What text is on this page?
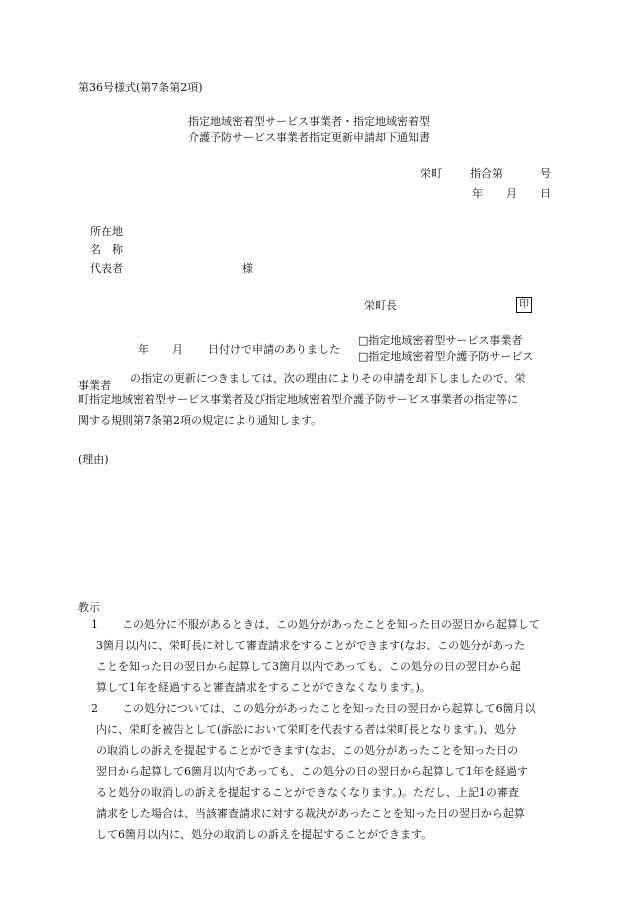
第36号様式(第7条第2項)
指定地域密着型サービス事業者・指定地域密着型
介護予防サービス事業者指定更新申請却下通知書
栄町	指合第	号
年 月 日
所在地
名　称
代表者	様
栄町長	印
年 月 日付けで申請のありました
□指定地域密着型サービス事業者
□指定地域密着型介護予防サービス
事業者
の指定の更新につきましては、次の理由によりその申請を却下しましたので、栄
町指定地域密着型サービス事業者及び指定地域密着型介護予防サービス事業者の指定等に
関する規則第7条第2項の規定により通知します。
(理由)
教示
1 この処分に不服があるときは、この処分があったことを知った日の翌日から起算して
3箇月以内に、栄町長に対して審査請求をすることができます(なお、この処分があった
ことを知った日の翌日から起算して3箇月以内であっても、この処分の日の翌日から起
算して1年を経過すると審査請求をすることができなくなります。)。
2 この処分については、この処分があったことを知った日の翌日から起算して6箇月以
内に、栄町を被告として(訴訟において栄町を代表する者は栄町長となります。)、処分
の取消しの訴えを提起することができます(なお、この処分があったことを知った日の
翌日から起算して6箇月以内であっても、この処分の日の翌日から起算して1年を経過す
ると処分の取消しの訴えを提起することができなくなります。)。ただし、上記1の審査
請求をした場合は、当該審査請求に対する裁決があったことを知った日の翌日から起算
して6箇月以内に、処分の取消しの訴えを提起することができます。
